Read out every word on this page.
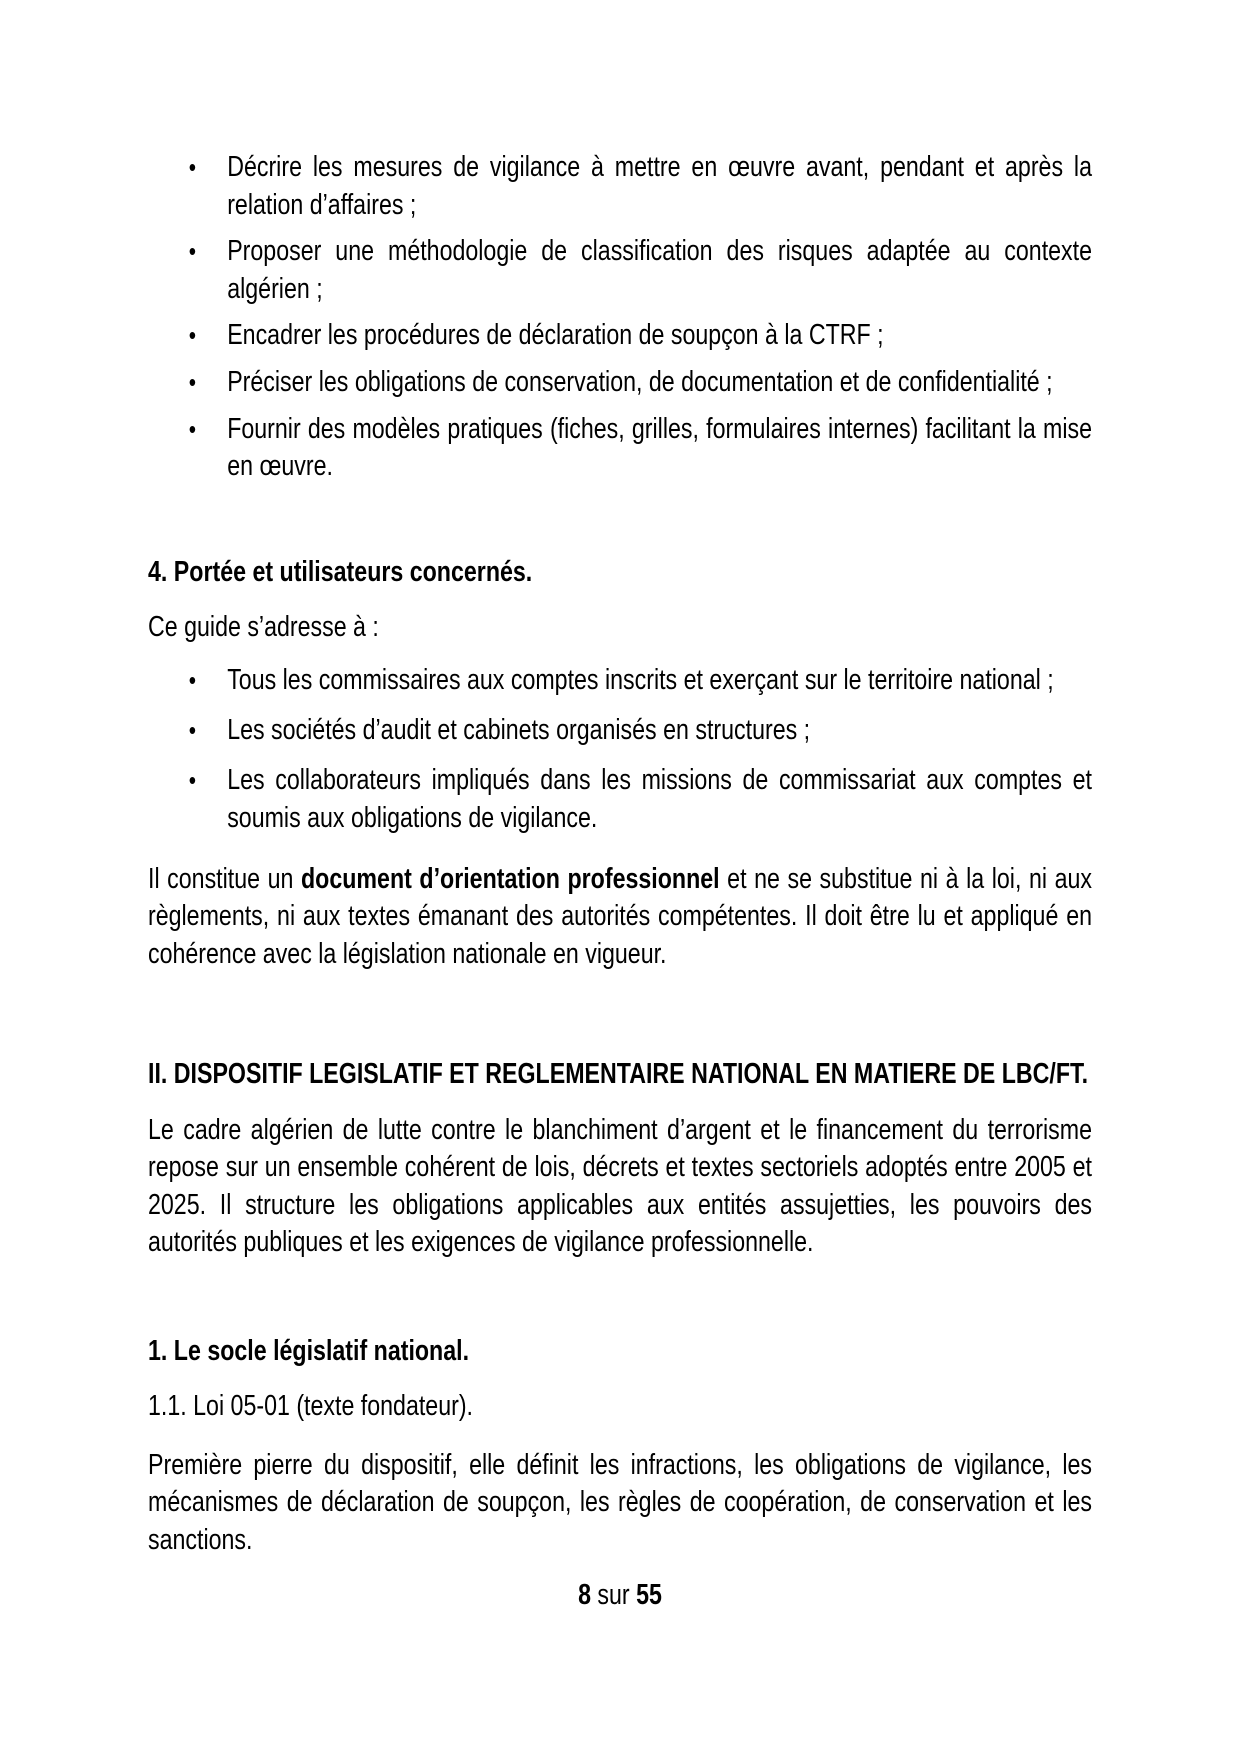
• Décrire les mesures de vigilance à mettre en œuvre avant, pendant et après la relation d’affaires ;
• Proposer une méthodologie de classification des risques adaptée au contexte algérien ;
• Encadrer les procédures de déclaration de soupçon à la CTRF ;
• Préciser les obligations de conservation, de documentation et de confidentialité ;
• Fournir des modèles pratiques (fiches, grilles, formulaires internes) facilitant la mise en œuvre.
4. Portée et utilisateurs concernés.

Ce guide s’adresse à :

• Tous les commissaires aux comptes inscrits et exerçant sur le territoire national ;
• Les sociétés d’audit et cabinets organisés en structures ;
• Les collaborateurs impliqués dans les missions de commissariat aux comptes et soumis aux obligations de vigilance.

Il constitue un document d’orientation professionnel et ne se substitue ni à la loi, ni aux règlements, ni aux textes émanant des autorités compétentes. Il doit être lu et appliqué en cohérence avec la législation nationale en vigueur.

II. DISPOSITIF LEGISLATIF ET REGLEMENTAIRE NATIONAL EN MATIERE DE LBC/FT.

Le cadre algérien de lutte contre le blanchiment d’argent et le financement du terrorisme repose sur un ensemble cohérent de lois, décrets et textes sectoriels adoptés entre 2005 et 2025. Il structure les obligations applicables aux entités assujetties, les pouvoirs des autorités publiques et les exigences de vigilance professionnelle.

1. Le socle législatif national.
1.1. Loi 05-01 (texte fondateur).

Première pierre du dispositif, elle définit les infractions, les obligations de vigilance, les mécanismes de déclaration de soupçon, les règles de coopération, de conservation et les sanctions.

8 sur 55
